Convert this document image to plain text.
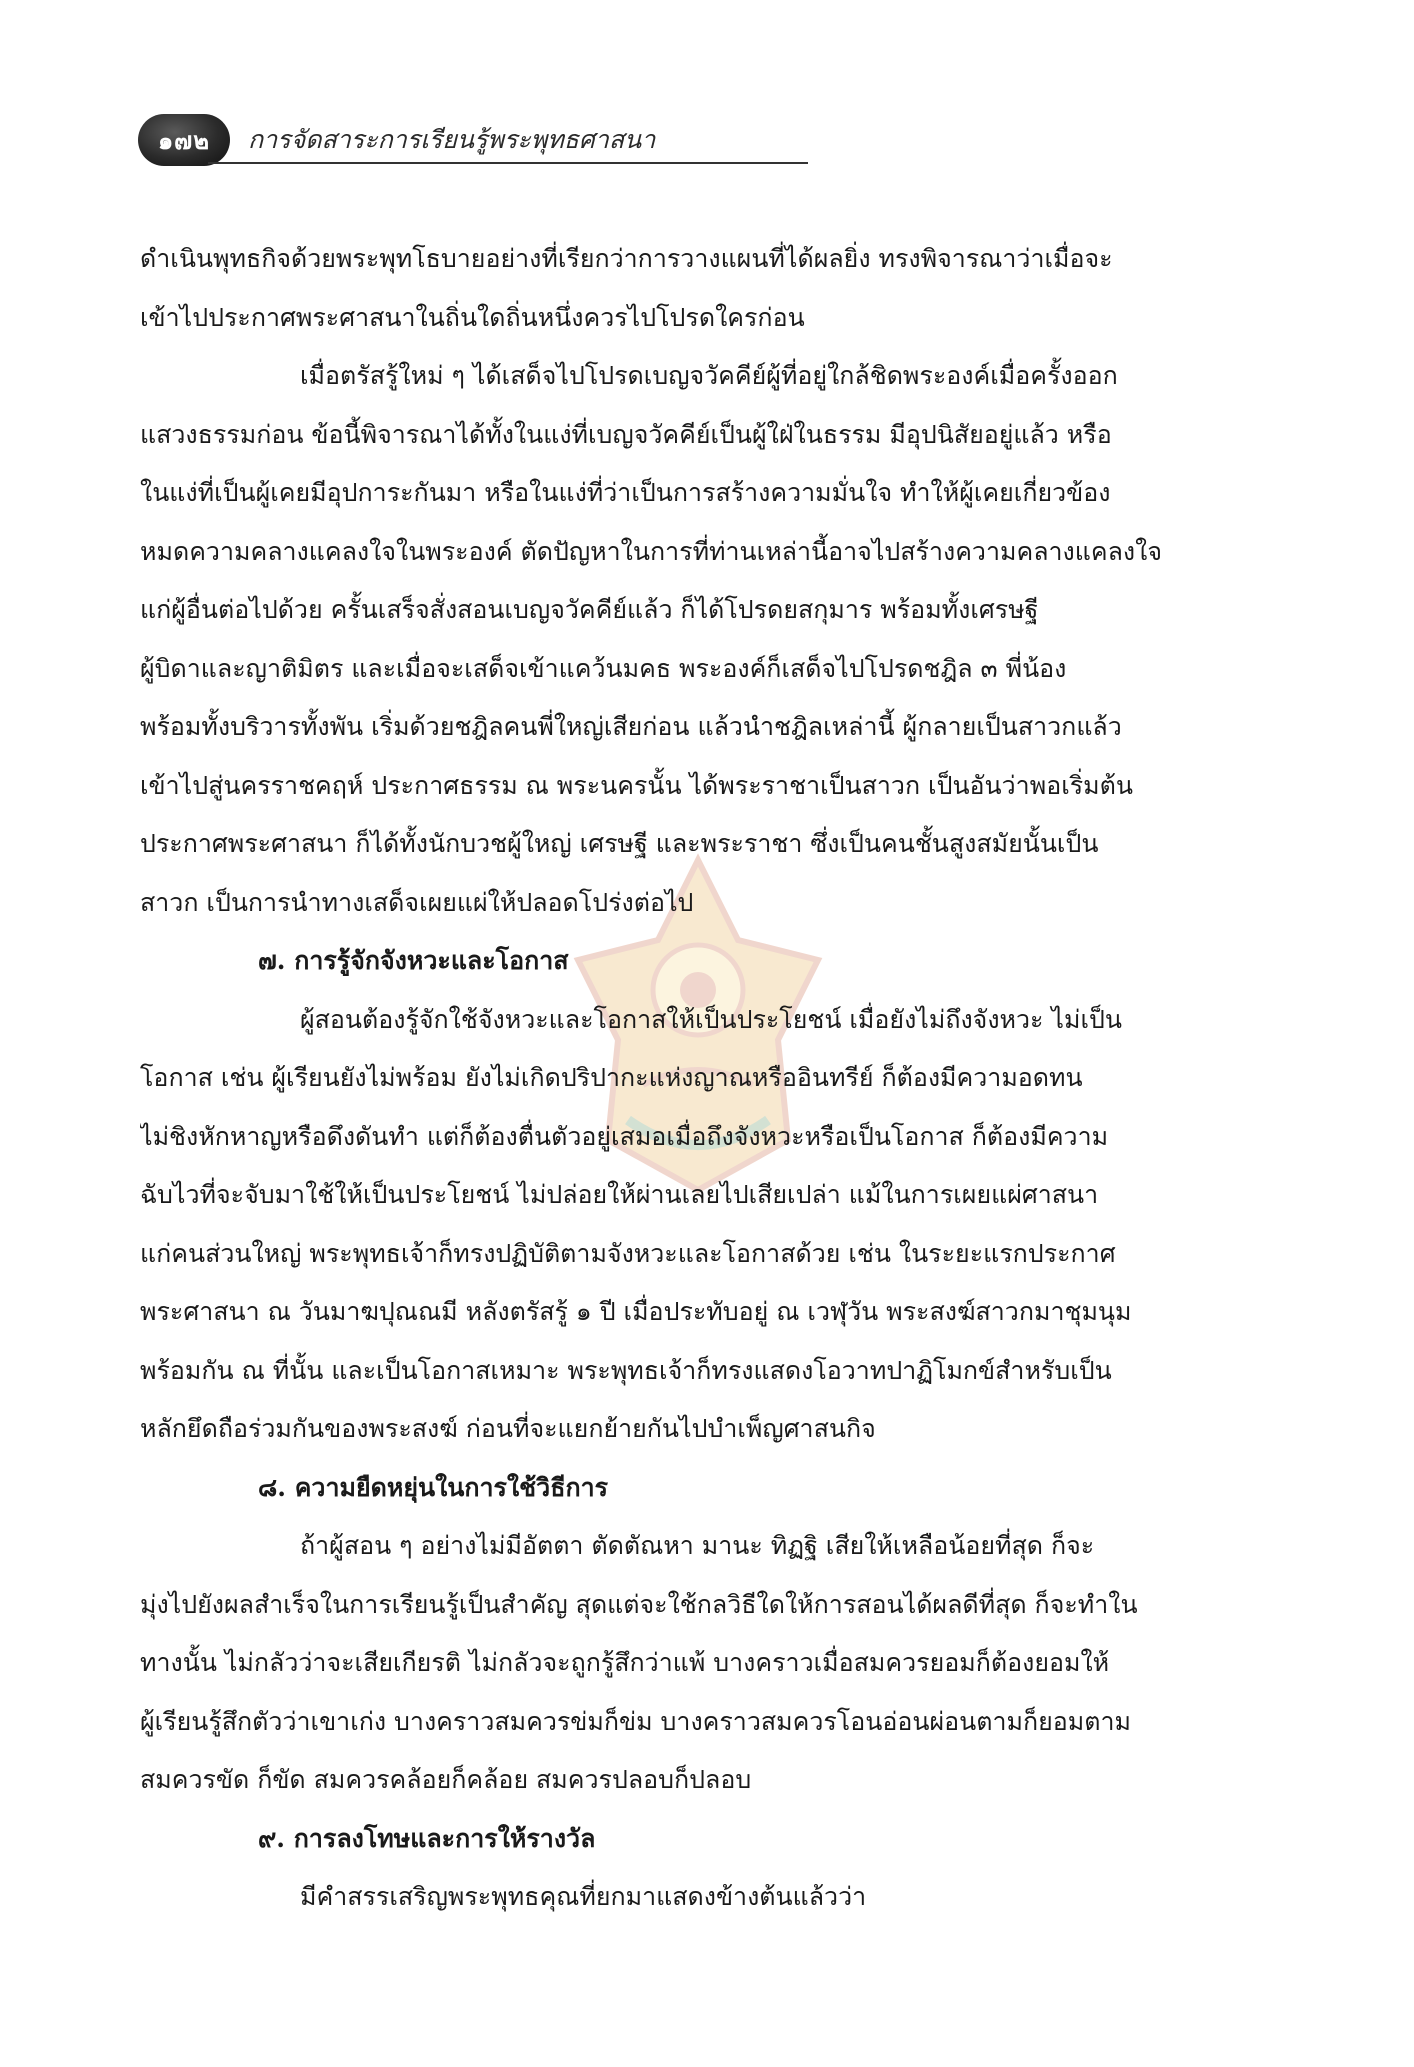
๑๗๒	การจัดสาระการเรียนรู้พระพุทธศาสนา
ดำเนินพุทธกิจด้วยพระพุทโธบายอย่างที่เรียกว่าการวางแผนที่ได้ผลยิ่ง ทรงพิจารณาว่าเมื่อจะ
เข้าไปประกาศพระศาสนาในถิ่นใดถิ่นหนึ่งควรไปโปรดใครก่อน
เมื่อตรัสรู้ใหม่ ๆ ได้เสด็จไปโปรดเบญจวัคคีย์ผู้ที่อยู่ใกล้ชิดพระองค์เมื่อครั้งออก
แสวงธรรมก่อน ข้อนี้พิจารณาได้ทั้งในแง่ที่เบญจวัคคีย์เป็นผู้ใฝ่ในธรรม มีอุปนิสัยอยู่แล้ว หรือ
ในแง่ที่เป็นผู้เคยมีอุปการะกันมา หรือในแง่ที่ว่าเป็นการสร้างความมั่นใจ ทำให้ผู้เคยเกี่ยวข้อง
หมดความคลางแคลงใจในพระองค์ ตัดปัญหาในการที่ท่านเหล่านี้อาจไปสร้างความคลางแคลงใจ
แก่ผู้อื่นต่อไปด้วย ครั้นเสร็จสั่งสอนเบญจวัคคีย์แล้ว ก็ได้โปรดยสกุมาร พร้อมทั้งเศรษฐี
ผู้บิดาและญาติมิตร และเมื่อจะเสด็จเข้าแคว้นมคธ พระองค์ก็เสด็จไปโปรดชฎิล ๓ พี่น้อง
พร้อมทั้งบริวารทั้งพัน เริ่มด้วยชฎิลคนพี่ใหญ่เสียก่อน แล้วนำชฎิลเหล่านี้ ผู้กลายเป็นสาวกแล้ว
เข้าไปสู่นครราชคฤห์ ประกาศธรรม ณ พระนครนั้น ได้พระราชาเป็นสาวก เป็นอันว่าพอเริ่มต้น
ประกาศพระศาสนา ก็ได้ทั้งนักบวชผู้ใหญ่ เศรษฐี และพระราชา ซึ่งเป็นคนชั้นสูงสมัยนั้นเป็น
สาวก เป็นการนำทางเสด็จเผยแผ่ให้ปลอดโปร่งต่อไป
๗. การรู้จักจังหวะและโอกาส
ผู้สอนต้องรู้จักใช้จังหวะและโอกาสให้เป็นประโยชน์ เมื่อยังไม่ถึงจังหวะ ไม่เป็น
โอกาส เช่น ผู้เรียนยังไม่พร้อม ยังไม่เกิดปริปากะแห่งญาณหรืออินทรีย์ ก็ต้องมีความอดทน
ไม่ชิงหักหาญหรือดึงดันทำ แต่ก็ต้องตื่นตัวอยู่เสมอเมื่อถึงจังหวะหรือเป็นโอกาส ก็ต้องมีความ
ฉับไวที่จะจับมาใช้ให้เป็นประโยชน์ ไม่ปล่อยให้ผ่านเลยไปเสียเปล่า แม้ในการเผยแผ่ศาสนา
แก่คนส่วนใหญ่ พระพุทธเจ้าก็ทรงปฏิบัติตามจังหวะและโอกาสด้วย เช่น ในระยะแรกประกาศ
พระศาสนา ณ วันมาฆปุณณมี หลังตรัสรู้ ๑ ปี เมื่อประทับอยู่ ณ เวฬุวัน พระสงฆ์สาวกมาชุมนุม
พร้อมกัน ณ ที่นั้น และเป็นโอกาสเหมาะ พระพุทธเจ้าก็ทรงแสดงโอวาทปาฏิโมกข์สำหรับเป็น
หลักยึดถือร่วมกันของพระสงฆ์ ก่อนที่จะแยกย้ายกันไปบำเพ็ญศาสนกิจ
๘. ความยืดหยุ่นในการใช้วิธีการ
ถ้าผู้สอน ๆ อย่างไม่มีอัตตา ตัดตัณหา มานะ ทิฏฐิ เสียให้เหลือน้อยที่สุด ก็จะ
มุ่งไปยังผลสำเร็จในการเรียนรู้เป็นสำคัญ สุดแต่จะใช้กลวิธีใดให้การสอนได้ผลดีที่สุด ก็จะทำใน
ทางนั้น ไม่กลัวว่าจะเสียเกียรติ ไม่กลัวจะถูกรู้สึกว่าแพ้ บางคราวเมื่อสมควรยอมก็ต้องยอมให้
ผู้เรียนรู้สึกตัวว่าเขาเก่ง บางคราวสมควรข่มก็ข่ม บางคราวสมควรโอนอ่อนผ่อนตามก็ยอมตาม
สมควรขัด ก็ขัด สมควรคล้อยก็คล้อย สมควรปลอบก็ปลอบ
๙. การลงโทษและการให้รางวัล
มีคำสรรเสริญพระพุทธคุณที่ยกมาแสดงข้างต้นแล้วว่า
